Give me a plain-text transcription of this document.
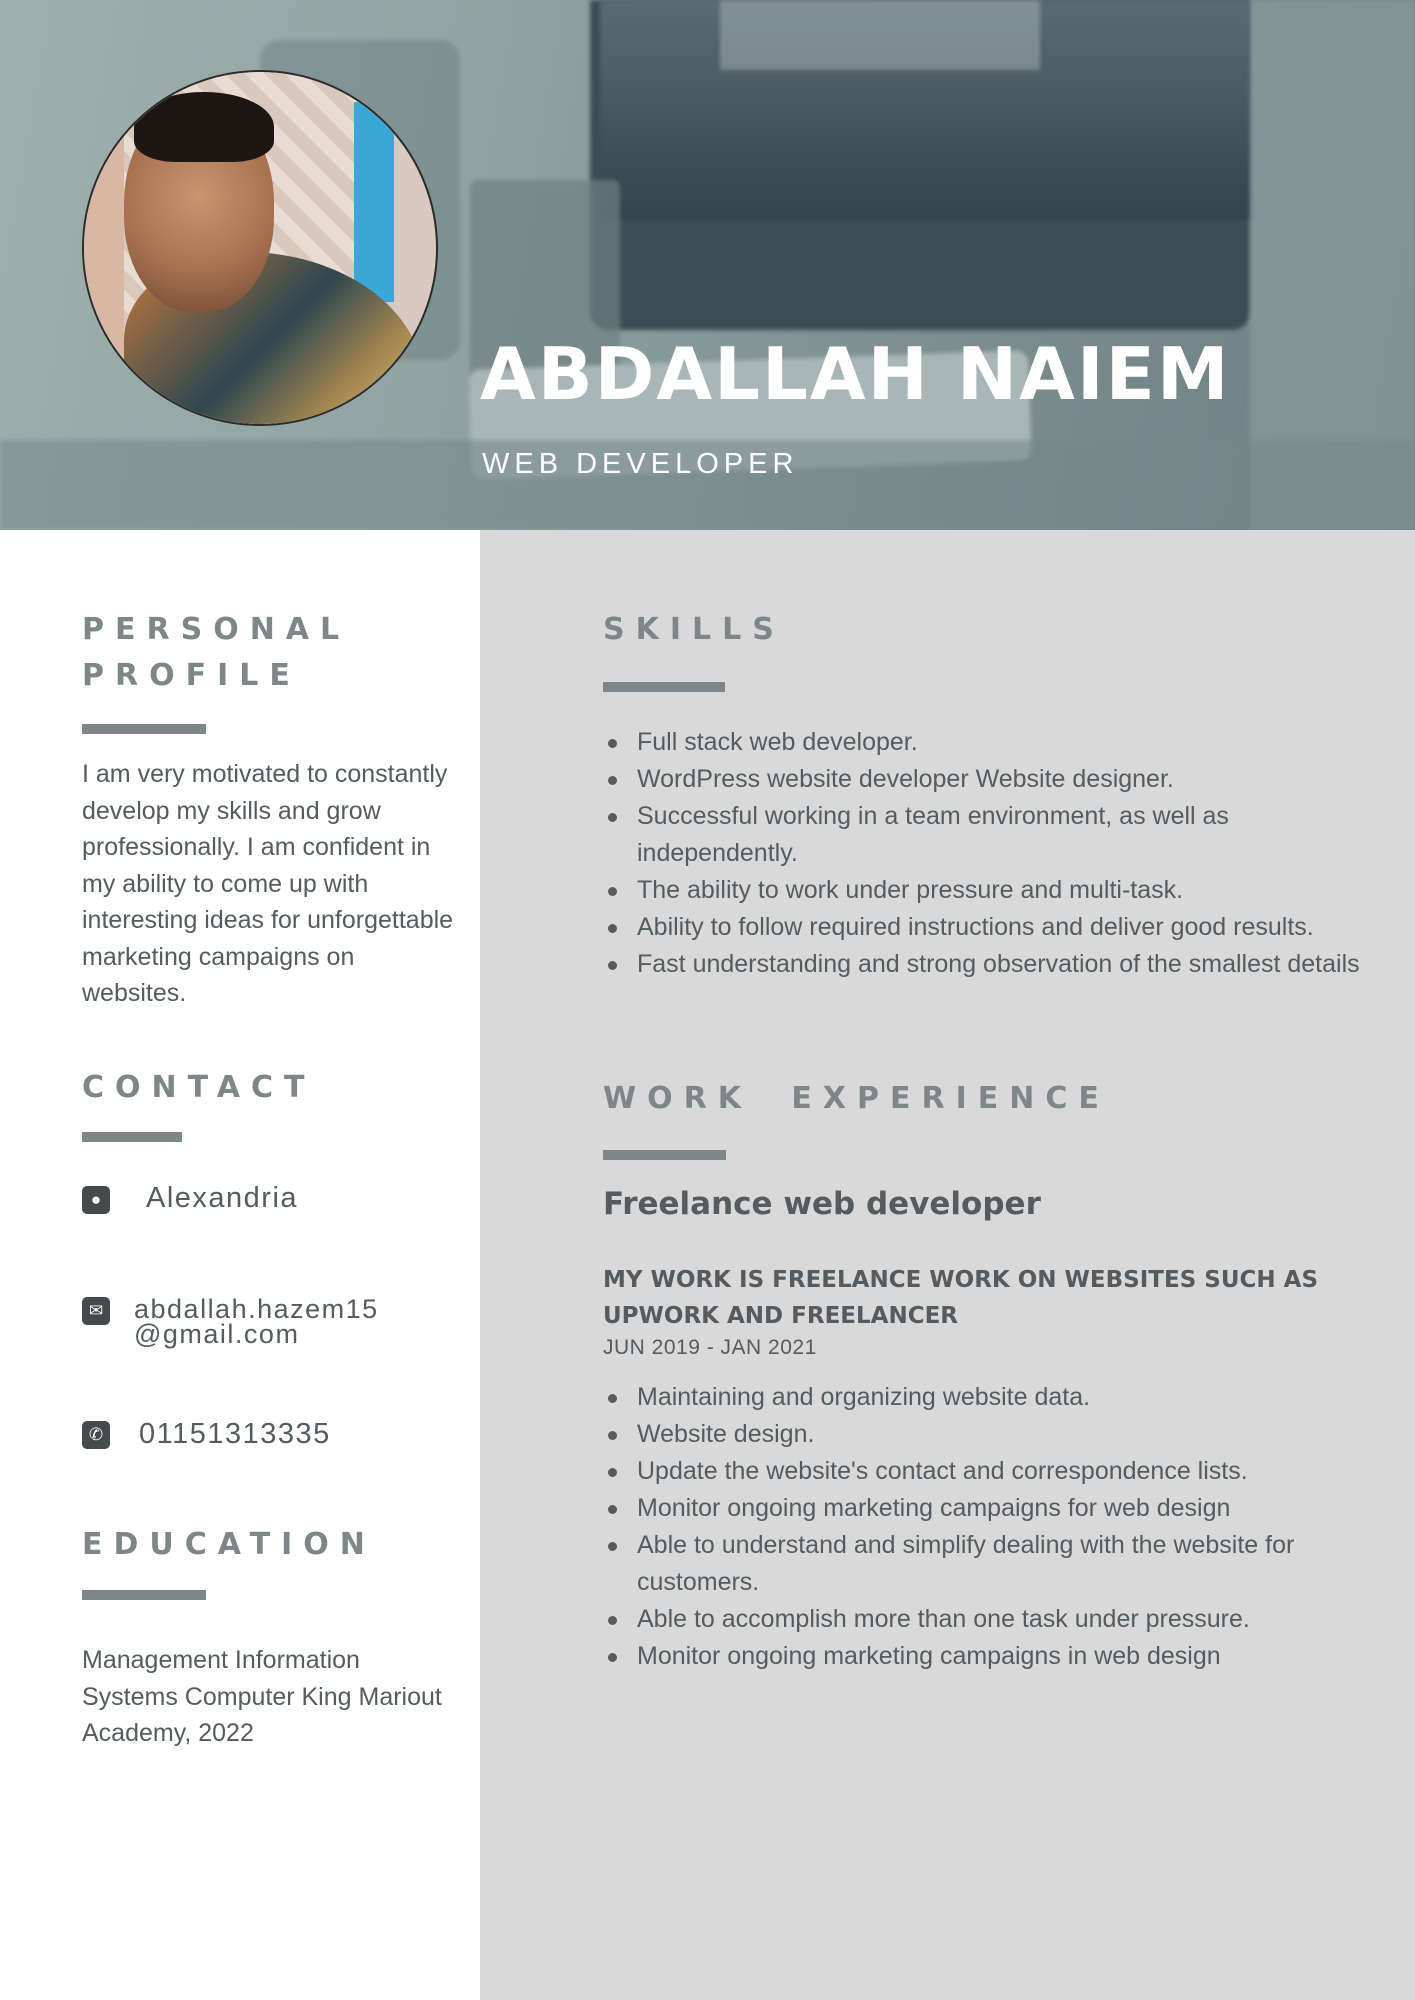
ABDALLAH NAIEM

WEB DEVELOPER

PERSONAL
PROFILE

I am very motivated to constantly develop my skills and grow professionally. I am confident in my ability to come up with interesting ideas for unforgettable marketing campaigns on websites.

CONTACT
●	Alexandria
✉ abdallah.hazem15
@gmail.com
✆ 01151313335
EDUCATION

Management Information Systems Computer King Mariout Academy, 2022

SKILLS
Full stack web developer.
WordPress website developer Website designer.
Successful working in a team environment, as well as independently.
The ability to work under pressure and multi-task.
Ability to follow required instructions and deliver good results.
Fast understanding and strong observation of the smallest details
WORK EXPERIENCE
Freelance web developer

MY WORK IS FREELANCE WORK ON WEBSITES SUCH AS UPWORK AND FREELANCER

JUN 2019 - JAN 2021

Maintaining and organizing website data.
Website design.
Update the website's contact and correspondence lists.
Monitor ongoing marketing campaigns for web design
Able to understand and simplify dealing with the website for customers.
Able to accomplish more than one task under pressure.
Monitor ongoing marketing campaigns in web design
